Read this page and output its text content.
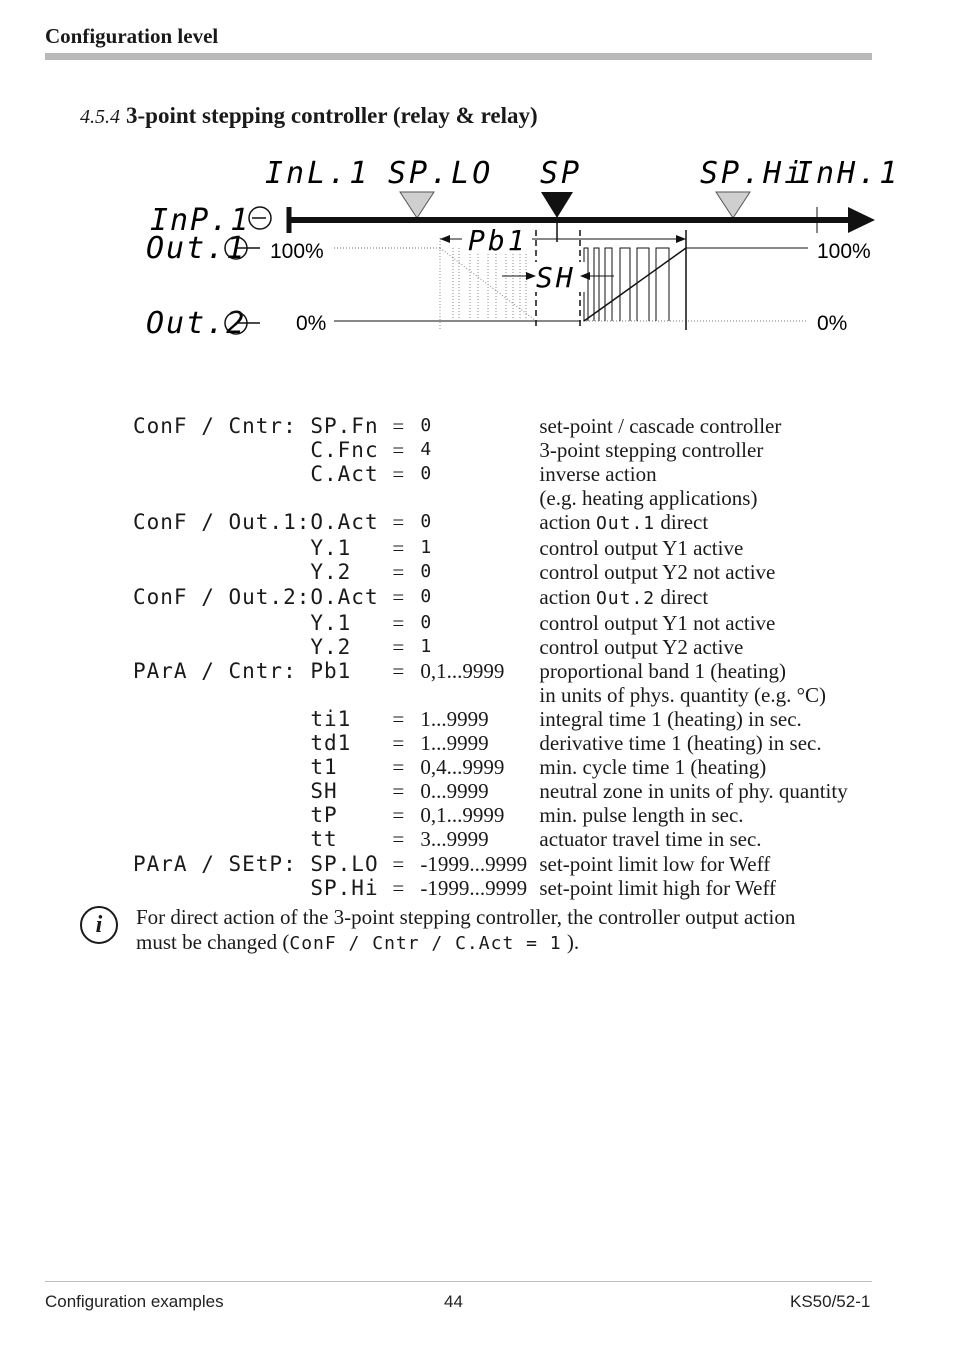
Configuration level
4.5.4 3-point stepping controller (relay & relay)
InL.1 SP.LO SP	SP.Hi
InH.1
InP.1
Out.1
Out.2
100%
0%
100%
0%
Pb1
SH
ConF / Cntr:	SP.Fn	=	0	set-point / cascade controller
	C.Fnc	=	4	3-point stepping controller
	C.Act	=	0	inverse action
				(e.g. heating applications)
ConF / Out.1:	O.Act	=	0	action Out.1 direct
	Y.1	=	1	control output Y1 active
	Y.2	=	0	control output Y2 not active
ConF / Out.2:	O.Act	=	0	action Out.2 direct
	Y.1	=	0	control output Y1 not active
	Y.2	=	1	control output Y2 active
PArA / Cntr:	Pb1	=	0,1...9999	proportional band 1 (heating)
				in units of phys. quantity (e.g. °C)
	ti1	=	1...9999	integral time 1 (heating) in sec.
	td1	=	1...9999	derivative time 1 (heating) in sec.
	t1	=	0,4...9999	min. cycle time 1 (heating)
	SH	=	0...9999	neutral zone in units of phy. quantity
	tP	=	0,1...9999	min. pulse length in sec.
	tt	=	3...9999	actuator travel time in sec.
PArA / SEtP:	SP.LO	=	-1999...9999	set-point limit low for Weff
	SP.Hi	=	-1999...9999	set-point limit high for Weff
i	For direct action of the 3-point stepping controller, the controller output action
must be changed (ConF / Cntr / C.Act = 1 ).
Configuration examples	44	KS50/52-1
